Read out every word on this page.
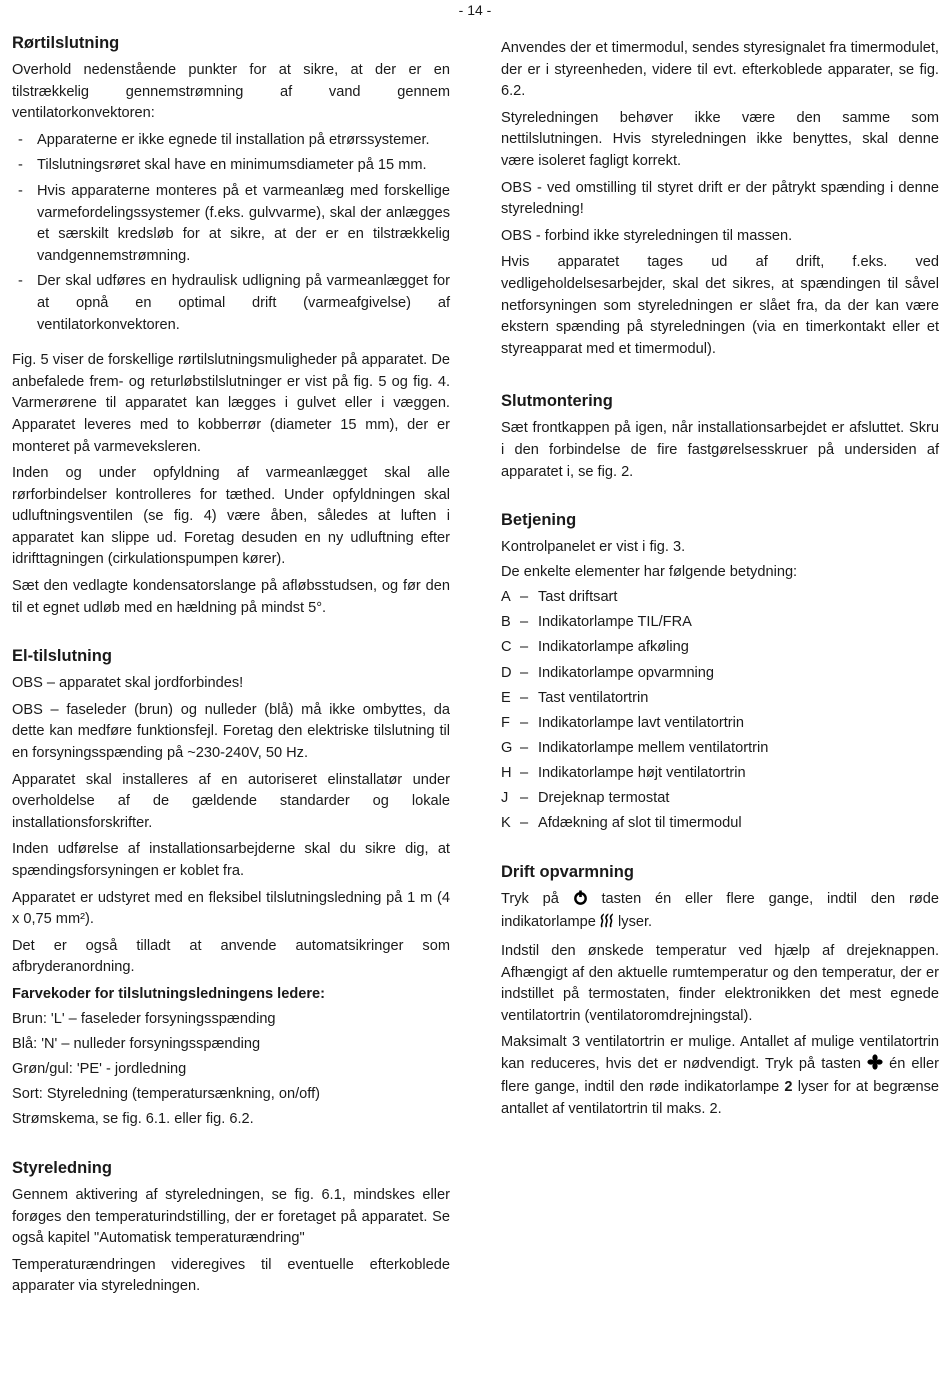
- 14 -
Rørtilslutning

Overhold nedenstående punkter for at sikre, at der er en tilstrækkelig gennemstrømning af vand gennem ventilatorkonvektoren:

- Apparaterne er ikke egnede til installation på etrørssystemer.
- Tilslutningsrøret skal have en minimumsdiameter på 15 mm.
- Hvis apparaterne monteres på et varmeanlæg med forskellige varmefordelingssystemer (f.eks. gulvvarme), skal der anlægges et særskilt kredsløb for at sikre, at der er en tilstrækkelig vandgennemstrømning.
- Der skal udføres en hydraulisk udligning på varmeanlægget for at opnå en optimal drift (varmeafgivelse) af ventilatorkonvektoren.

Fig. 5 viser de forskellige rørtilslutningsmuligheder på apparatet. De anbefalede frem- og returløbstilslutninger er vist på fig. 5 og fig. 4. Varmerørene til apparatet kan lægges i gulvet eller i væggen. Apparatet leveres med to kobberrør (diameter 15 mm), der er monteret på varmeveksleren.

Inden og under opfyldning af varmeanlægget skal alle rørforbindelser kontrolleres for tæthed. Under opfyldningen skal udluftningsventilen (se fig. 4) være åben, således at luften i apparatet kan slippe ud. Foretag desuden en ny udluftning efter idrifttagningen (cirkulationspumpen kører).

Sæt den vedlagte kondensatorslange på afløbsstudsen, og før den til et egnet udløb med en hældning på mindst 5°.

El-tilslutning

OBS – apparatet skal jordforbindes!

OBS – faseleder (brun) og nulleder (blå) må ikke ombyttes, da dette kan medføre funktionsfejl. Foretag den elektriske tilslutning til en forsyningsspænding på ~230-240V, 50 Hz.

Apparatet skal installeres af en autoriseret elinstallatør under overholdelse af de gældende standarder og lokale installationsforskrifter.

Inden udførelse af installationsarbejderne skal du sikre dig, at spændingsforsyningen er koblet fra.

Apparatet er udstyret med en fleksibel tilslutningsledning på 1 m (4 x 0,75 mm²).

Det er også tilladt at anvende automatsikringer som afbryderanordning.

Farvekoder for tilslutningsledningens ledere:

Brun: 'L' – faseleder forsyningsspænding

Blå: 'N' – nulleder forsyningsspænding

Grøn/gul: 'PE' - jordledning

Sort: Styreledning (temperatursænkning, on/off)

Strømskema, se fig. 6.1. eller fig. 6.2.

Styreledning

Gennem aktivering af styreledningen, se fig. 6.1, mindskes eller forøges den temperaturindstilling, der er foretaget på apparatet. Se også kapitel "Automatisk temperaturændring"

Temperaturændringen videregives til eventuelle efterkoblede apparater via styreledningen.

Anvendes der et timermodul, sendes styresignalet fra timermodulet, der er i styreenheden, videre til evt. efterkoblede apparater, se fig. 6.2.

Styreledningen behøver ikke være den samme som nettilslutningen. Hvis styreledningen ikke benyttes, skal denne være isoleret fagligt korrekt.

OBS - ved omstilling til styret drift er der påtrykt spænding i denne styreledning!

OBS - forbind ikke styreledningen til massen.

Hvis apparatet tages ud af drift, f.eks. ved vedligeholdelsesarbejder, skal det sikres, at spændingen til såvel netforsyningen som styreledningen er slået fra, da der kan være ekstern spænding på styreledningen (via en timerkontakt eller et styreapparat med et timermodul).

Slutmontering

Sæt frontkappen på igen, når installationsarbejdet er afsluttet. Skru i den forbindelse de fire fastgørelsesskruer på undersiden af apparatet i, se fig. 2.

Betjening

Kontrolpanelet er vist i fig. 3.

De enkelte elementer har følgende betydning:

A – Tast driftsart
B – Indikatorlampe TIL/FRA
C – Indikatorlampe afkøling
D – Indikatorlampe opvarmning
E – Tast ventilatortrin
F – Indikatorlampe lavt ventilatortrin
G – Indikatorlampe mellem ventilatortrin
H – Indikatorlampe højt ventilatortrin
J – Drejeknap termostat
K – Afdækning af slot til timermodul
Drift opvarmning

Tryk på	tasten én eller flere gange, indtil den røde indikatorlampe lyser.

Indstil den ønskede temperatur ved hjælp af drejeknappen. Afhængigt af den aktuelle rumtemperatur og den temperatur, der er indstillet på termostaten, finder elektronikken det mest egnede ventilatortrin (ventilatoromdrejningstal).

Maksimalt 3 ventilatortrin er mulige. Antallet af mulige ventilatortrin kan reduceres, hvis det er nødvendigt. Tryk på tasten én eller flere gange, indtil den røde indikatorlampe 2 lyser for at begrænse antallet af ventilatortrin til maks. 2.
